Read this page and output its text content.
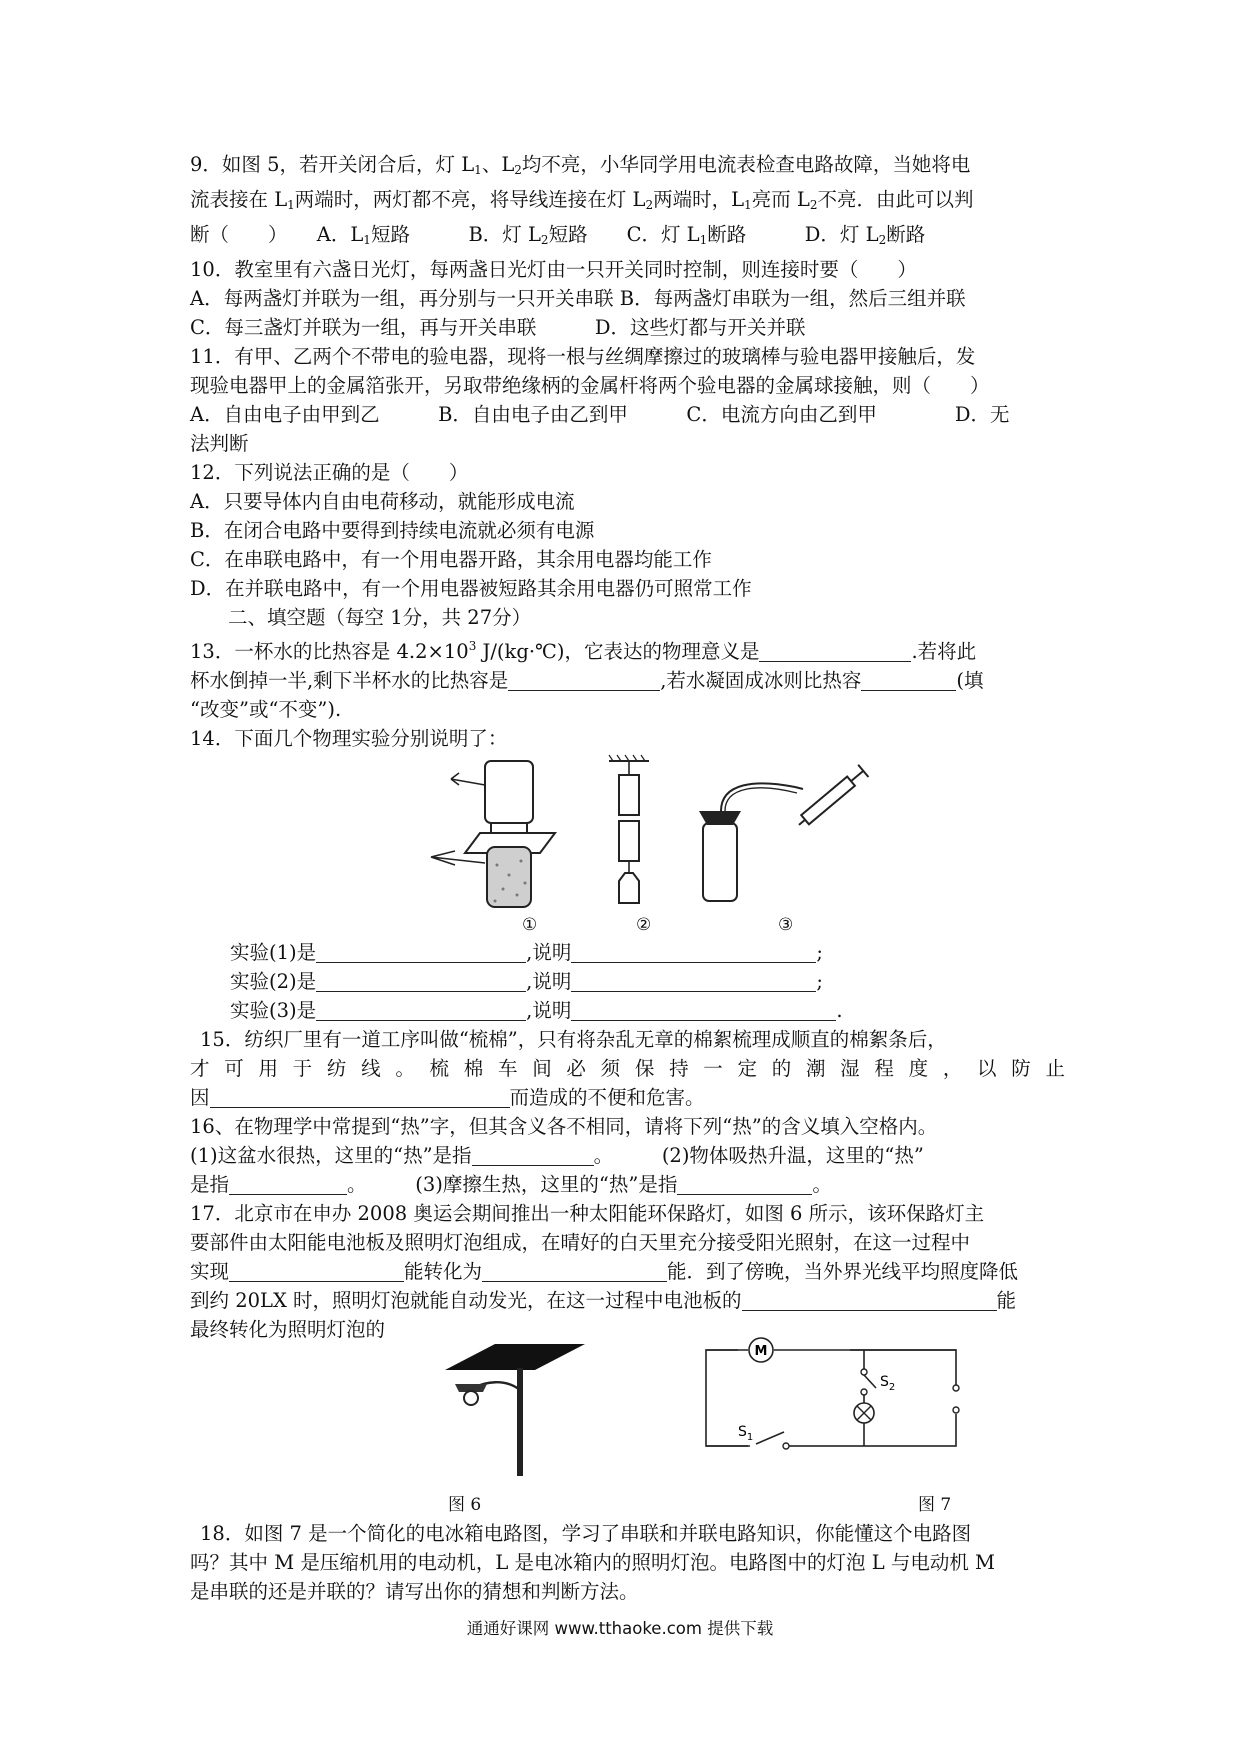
9．如图 5，若开关闭合后，灯 $L_1$、$L_2$均不亮，小华同学用电流表检查电路故障，当她将电
流表接在 $L_1$两端时，两灯都不亮，将导线连接在灯 $L_2$两端时，$L_1$亮而 $L_2$不亮．由此可以判
断（　　）　　A．$L_1$短路　　　B．灯 $L_2$短路　　C．灯 $L_1$断路　　　D．灯 $L_2$断路
10．教室里有六盏日光灯，每两盏日光灯由一只开关同时控制，则连接时要（　　）
A．每两盏灯并联为一组，再分别与一只开关串联 B．每两盏灯串联为一组，然后三组并联
C．每三盏灯并联为一组，再与开关串联　　　D．这些灯都与开关并联
11．有甲、乙两个不带电的验电器，现将一根与丝绸摩擦过的玻璃棒与验电器甲接触后，发
现验电器甲上的金属箔张开，另取带绝缘柄的金属杆将两个验电器的金属球接触，则（　　）
A．自由电子由甲到乙　　　B．自由电子由乙到甲　　　C．电流方向由乙到甲　　　　D．无
法判断
12．下列说法正确的是（　　）
A．只要导体内自由电荷移动，就能形成电流
B．在闭合电路中要得到持续电流就必须有电源
C．在串联电路中，有一个用电器开路，其余用电器均能工作
D．在并联电路中，有一个用电器被短路其余用电器仍可照常工作
二、填空题（每空 1分，共 27分）
13．一杯水的比热容是 $4.2\times 10^3$ J/(kg·℃)，它表达的物理意义是	.若将此
杯水倒掉一半,剩下半杯水的比热容是	,若水凝固成冰则比热容	(填
“改变”或“不变”).
14．下面几个物理实验分别说明了：
①	②	③
实验(1)是	,说明	;
实验(2)是	,说明	;
实验(3)是	,说明	.
15．纺织厂里有一道工序叫做“梳棉”，只有将杂乱无章的棉絮梳理成顺直的棉絮条后，
才可用于纺线。梳棉车间必须保持一定的潮湿程度，以防止
因	而造成的不便和危害。
16、在物理学中常提到“热”字，但其含义各不相同，请将下列“热”的含义填入空格内。
(1)这盆水很热，这里的“热”是指	。　　　(2)物体吸热升温，这里的“热”
是指	。　　　(3)摩擦生热，这里的“热”是指	。
17．北京市在申办 2008 奥运会期间推出一种太阳能环保路灯，如图 6 所示，该环保路灯主
要部件由太阳能电池板及照明灯泡组成，在晴好的白天里充分接受阳光照射，在这一过程中
实现	能转化为	能．到了傍晚，当外界光线平均照度降低
到约 20LX 时，照明灯泡就能自动发光，在这一过程中电池板的	能
最终转化为照明灯泡的
M
$S_2$
$S_1$
图 6	图 7
18．如图 7 是一个简化的电冰箱电路图，学习了串联和并联电路知识，你能懂这个电路图
吗？其中 M 是压缩机用的电动机，L 是电冰箱内的照明灯泡。电路图中的灯泡 L 与电动机 M
是串联的还是并联的？请写出你的猜想和判断方法。
通通好课网 www.tthaoke.com 提供下载
